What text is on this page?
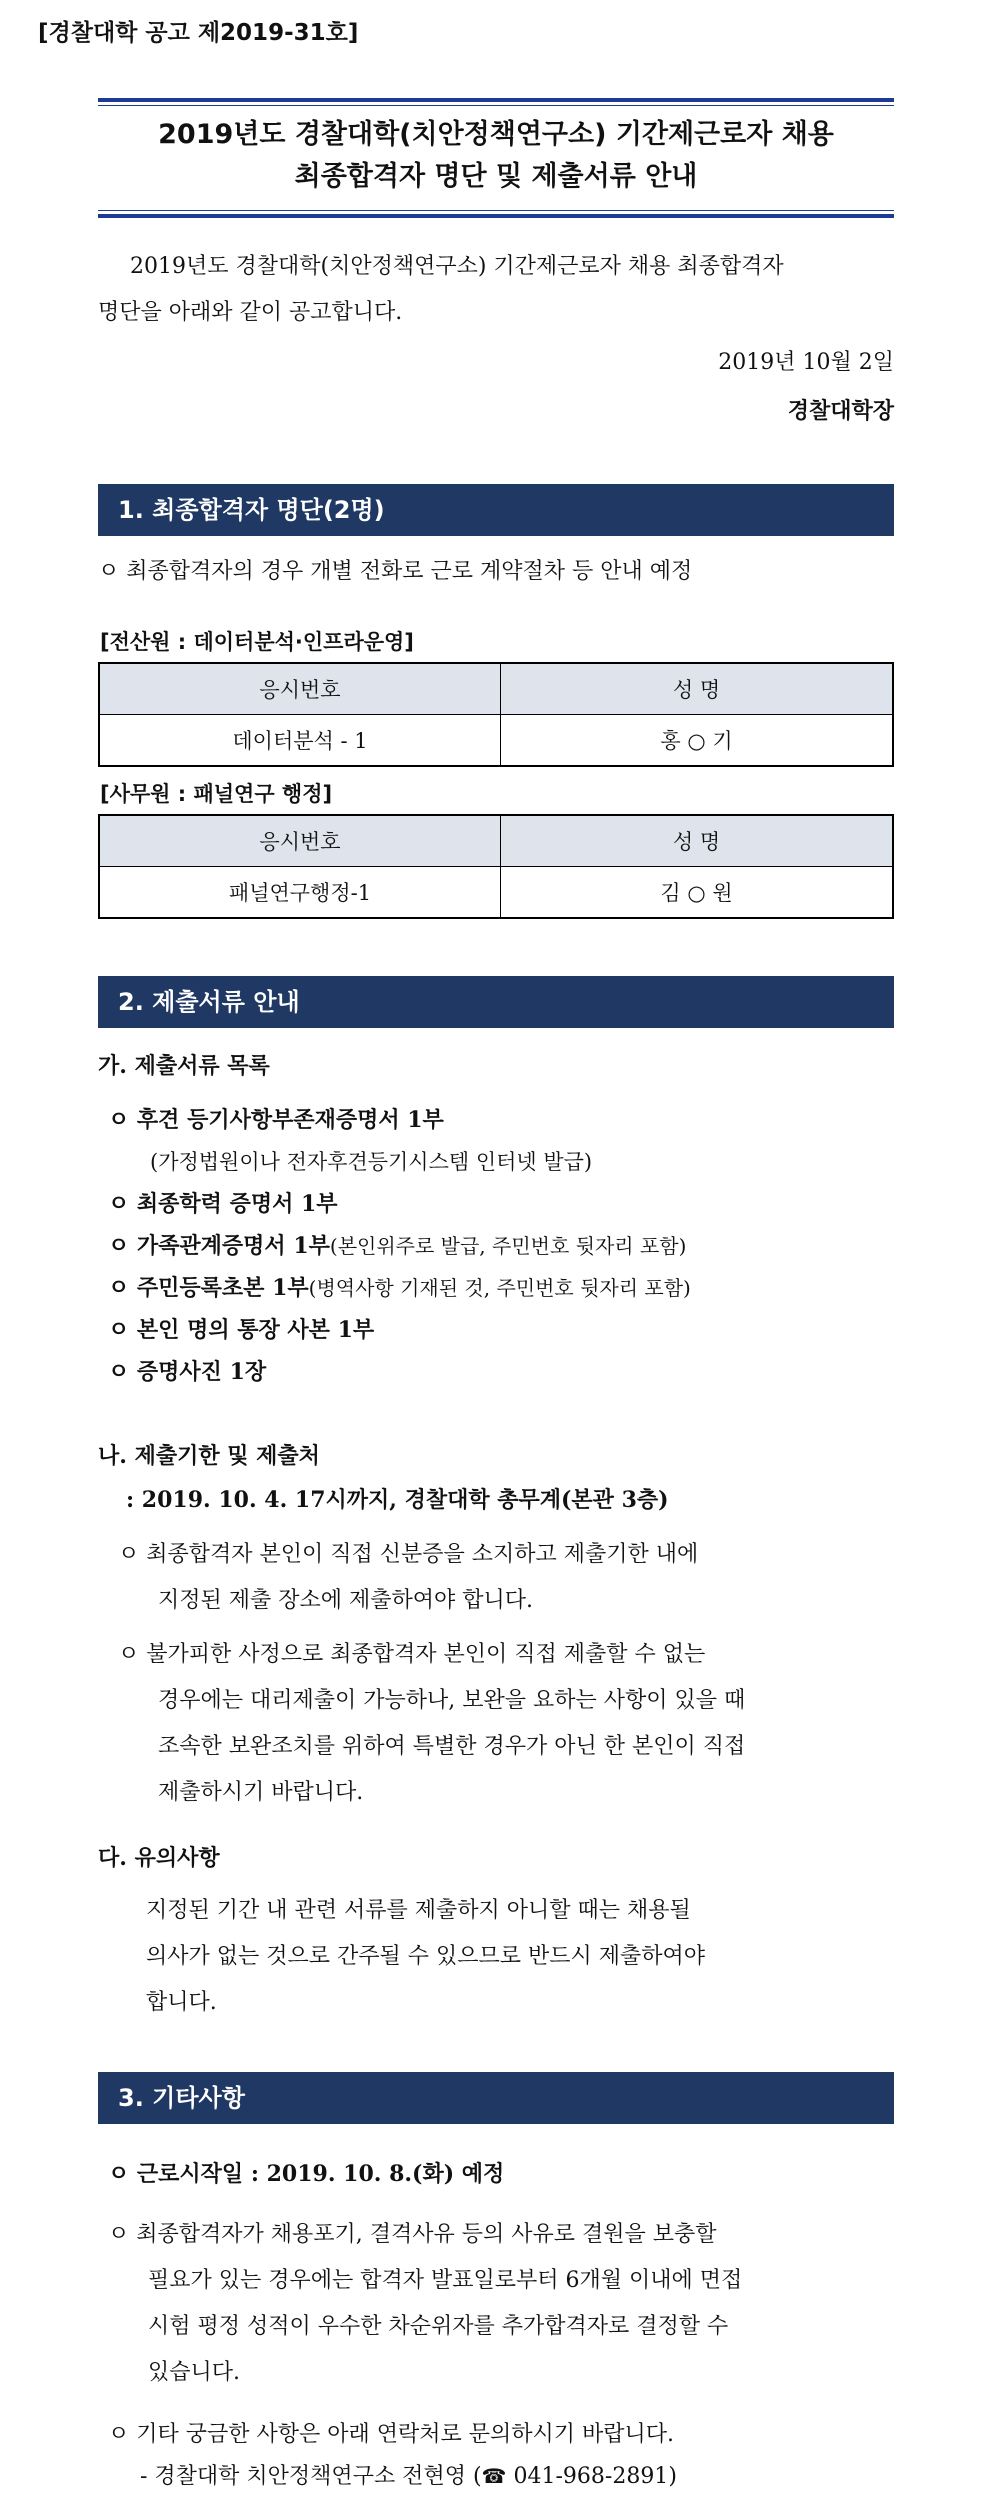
[경찰대학 공고 제2019-31호]
2019년도 경찰대학(치안정책연구소) 기간제근로자 채용
최종합격자 명단 및 제출서류 안내
2019년도 경찰대학(치안정책연구소) 기간제근로자 채용 최종합격자
명단을 아래와 같이 공고합니다.
2019년 10월 2일
경찰대학장
1. 최종합격자 명단(2명)
ㅇ 최종합격자의 경우 개별 전화로 근로 계약절차 등 안내 예정
[전산원 : 데이터분석·인프라운영]
응시번호	성 명
데이터분석 - 1	홍 ○ 기
[사무원 : 패널연구 행정]
응시번호	성 명
패널연구행정-1	김 ○ 원
2. 제출서류 안내
가. 제출서류 목록
ㅇ 후견 등기사항부존재증명서 1부
(가정법원이나 전자후견등기시스템 인터넷 발급)
ㅇ 최종학력 증명서 1부
ㅇ 가족관계증명서 1부(본인위주로 발급, 주민번호 뒷자리 포함)
ㅇ 주민등록초본 1부(병역사항 기재된 것, 주민번호 뒷자리 포함)
ㅇ 본인 명의 통장 사본 1부
ㅇ 증명사진 1장
나. 제출기한 및 제출처
: 2019. 10. 4. 17시까지, 경찰대학 총무계(본관 3층)
ㅇ 최종합격자 본인이 직접 신분증을 소지하고 제출기한 내에
지정된 제출 장소에 제출하여야 합니다.
ㅇ 불가피한 사정으로 최종합격자 본인이 직접 제출할 수 없는
경우에는 대리제출이 가능하나, 보완을 요하는 사항이 있을 때
조속한 보완조치를 위하여 특별한 경우가 아닌 한 본인이 직접
제출하시기 바랍니다.
다. 유의사항
지정된 기간 내 관련 서류를 제출하지 아니할 때는 채용될
의사가 없는 것으로 간주될 수 있으므로 반드시 제출하여야
합니다.
3. 기타사항
ㅇ 근로시작일 : 2019. 10. 8.(화) 예정
ㅇ 최종합격자가 채용포기, 결격사유 등의 사유로 결원을 보충할
필요가 있는 경우에는 합격자 발표일로부터 6개월 이내에 면접
시험 평정 성적이 우수한 차순위자를 추가합격자로 결정할 수
있습니다.
ㅇ 기타 궁금한 사항은 아래 연락처로 문의하시기 바랍니다.
- 경찰대학 치안정책연구소 전현영 (☎ 041-968-2891)
